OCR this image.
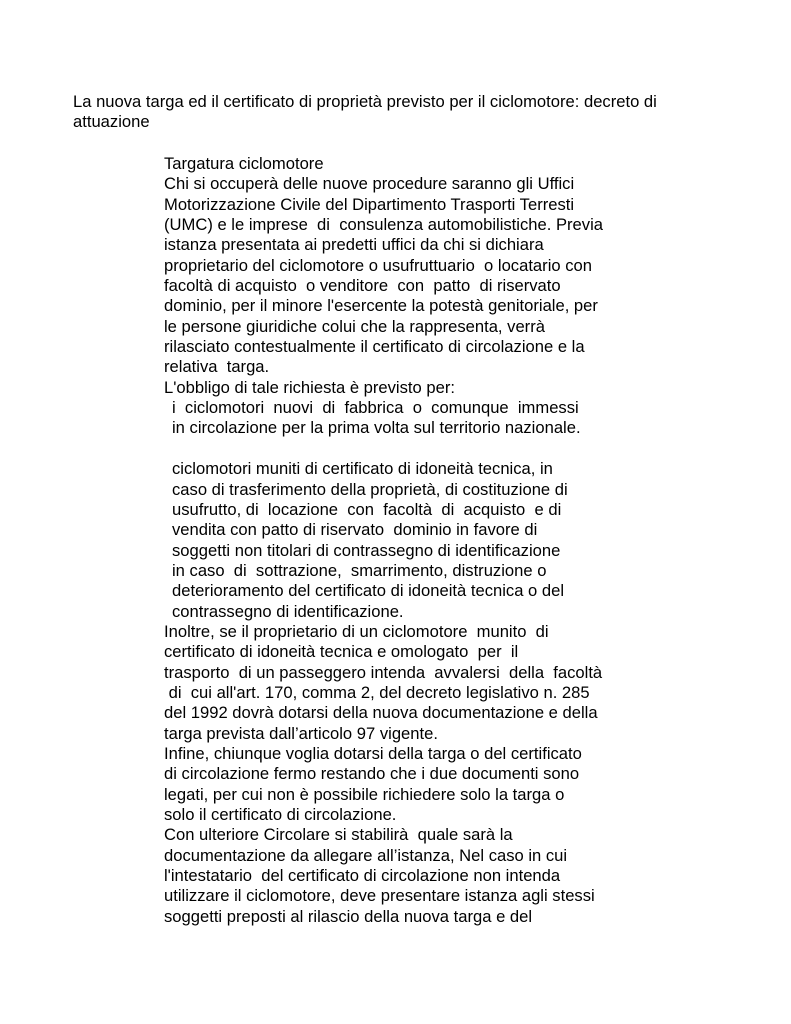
La nuova targa ed il certificato di proprietà previsto per il ciclomotore: decreto di
attuazione
Targatura ciclomotore
Chi si occuperà delle nuove procedure saranno gli Uffici
Motorizzazione Civile del Dipartimento Trasporti Terresti
(UMC) e le imprese  di  consulenza automobilistiche. Previa
istanza presentata ai predetti uffici da chi si dichiara
proprietario del ciclomotore o usufruttuario  o locatario con
facoltà di acquisto  o venditore  con  patto  di riservato
dominio, per il minore l'esercente la potestà genitoriale, per
le persone giuridiche colui che la rappresenta, verrà
rilasciato contestualmente il certificato di circolazione e la
relativa  targa.
L'obbligo di tale richiesta è previsto per:
i  ciclomotori  nuovi  di  fabbrica  o  comunque  immessi
in circolazione per la prima volta sul territorio nazionale.
ciclomotori muniti di certificato di idoneità tecnica, in
caso di trasferimento della proprietà, di costituzione di
usufrutto, di  locazione  con  facoltà  di  acquisto  e di
vendita con patto di riservato  dominio in favore di
soggetti non titolari di contrassegno di identificazione
in caso  di  sottrazione,  smarrimento, distruzione o
deterioramento del certificato di idoneità tecnica o del
contrassegno di identificazione.
Inoltre, se il proprietario di un ciclomotore  munito  di
certificato di idoneità tecnica e omologato  per  il
trasporto  di un passeggero intenda  avvalersi  della  facoltà
di  cui all'art. 170, comma 2, del decreto legislativo n. 285
del 1992 dovrà dotarsi della nuova documentazione e della
targa prevista dall’articolo 97 vigente.
Infine, chiunque voglia dotarsi della targa o del certificato
di circolazione fermo restando che i due documenti sono
legati, per cui non è possibile richiedere solo la targa o
solo il certificato di circolazione.
Con ulteriore Circolare si stabilirà  quale sarà la
documentazione da allegare all’istanza, Nel caso in cui
l'intestatario  del certificato di circolazione non intenda
utilizzare il ciclomotore, deve presentare istanza agli stessi
soggetti preposti al rilascio della nuova targa e del
